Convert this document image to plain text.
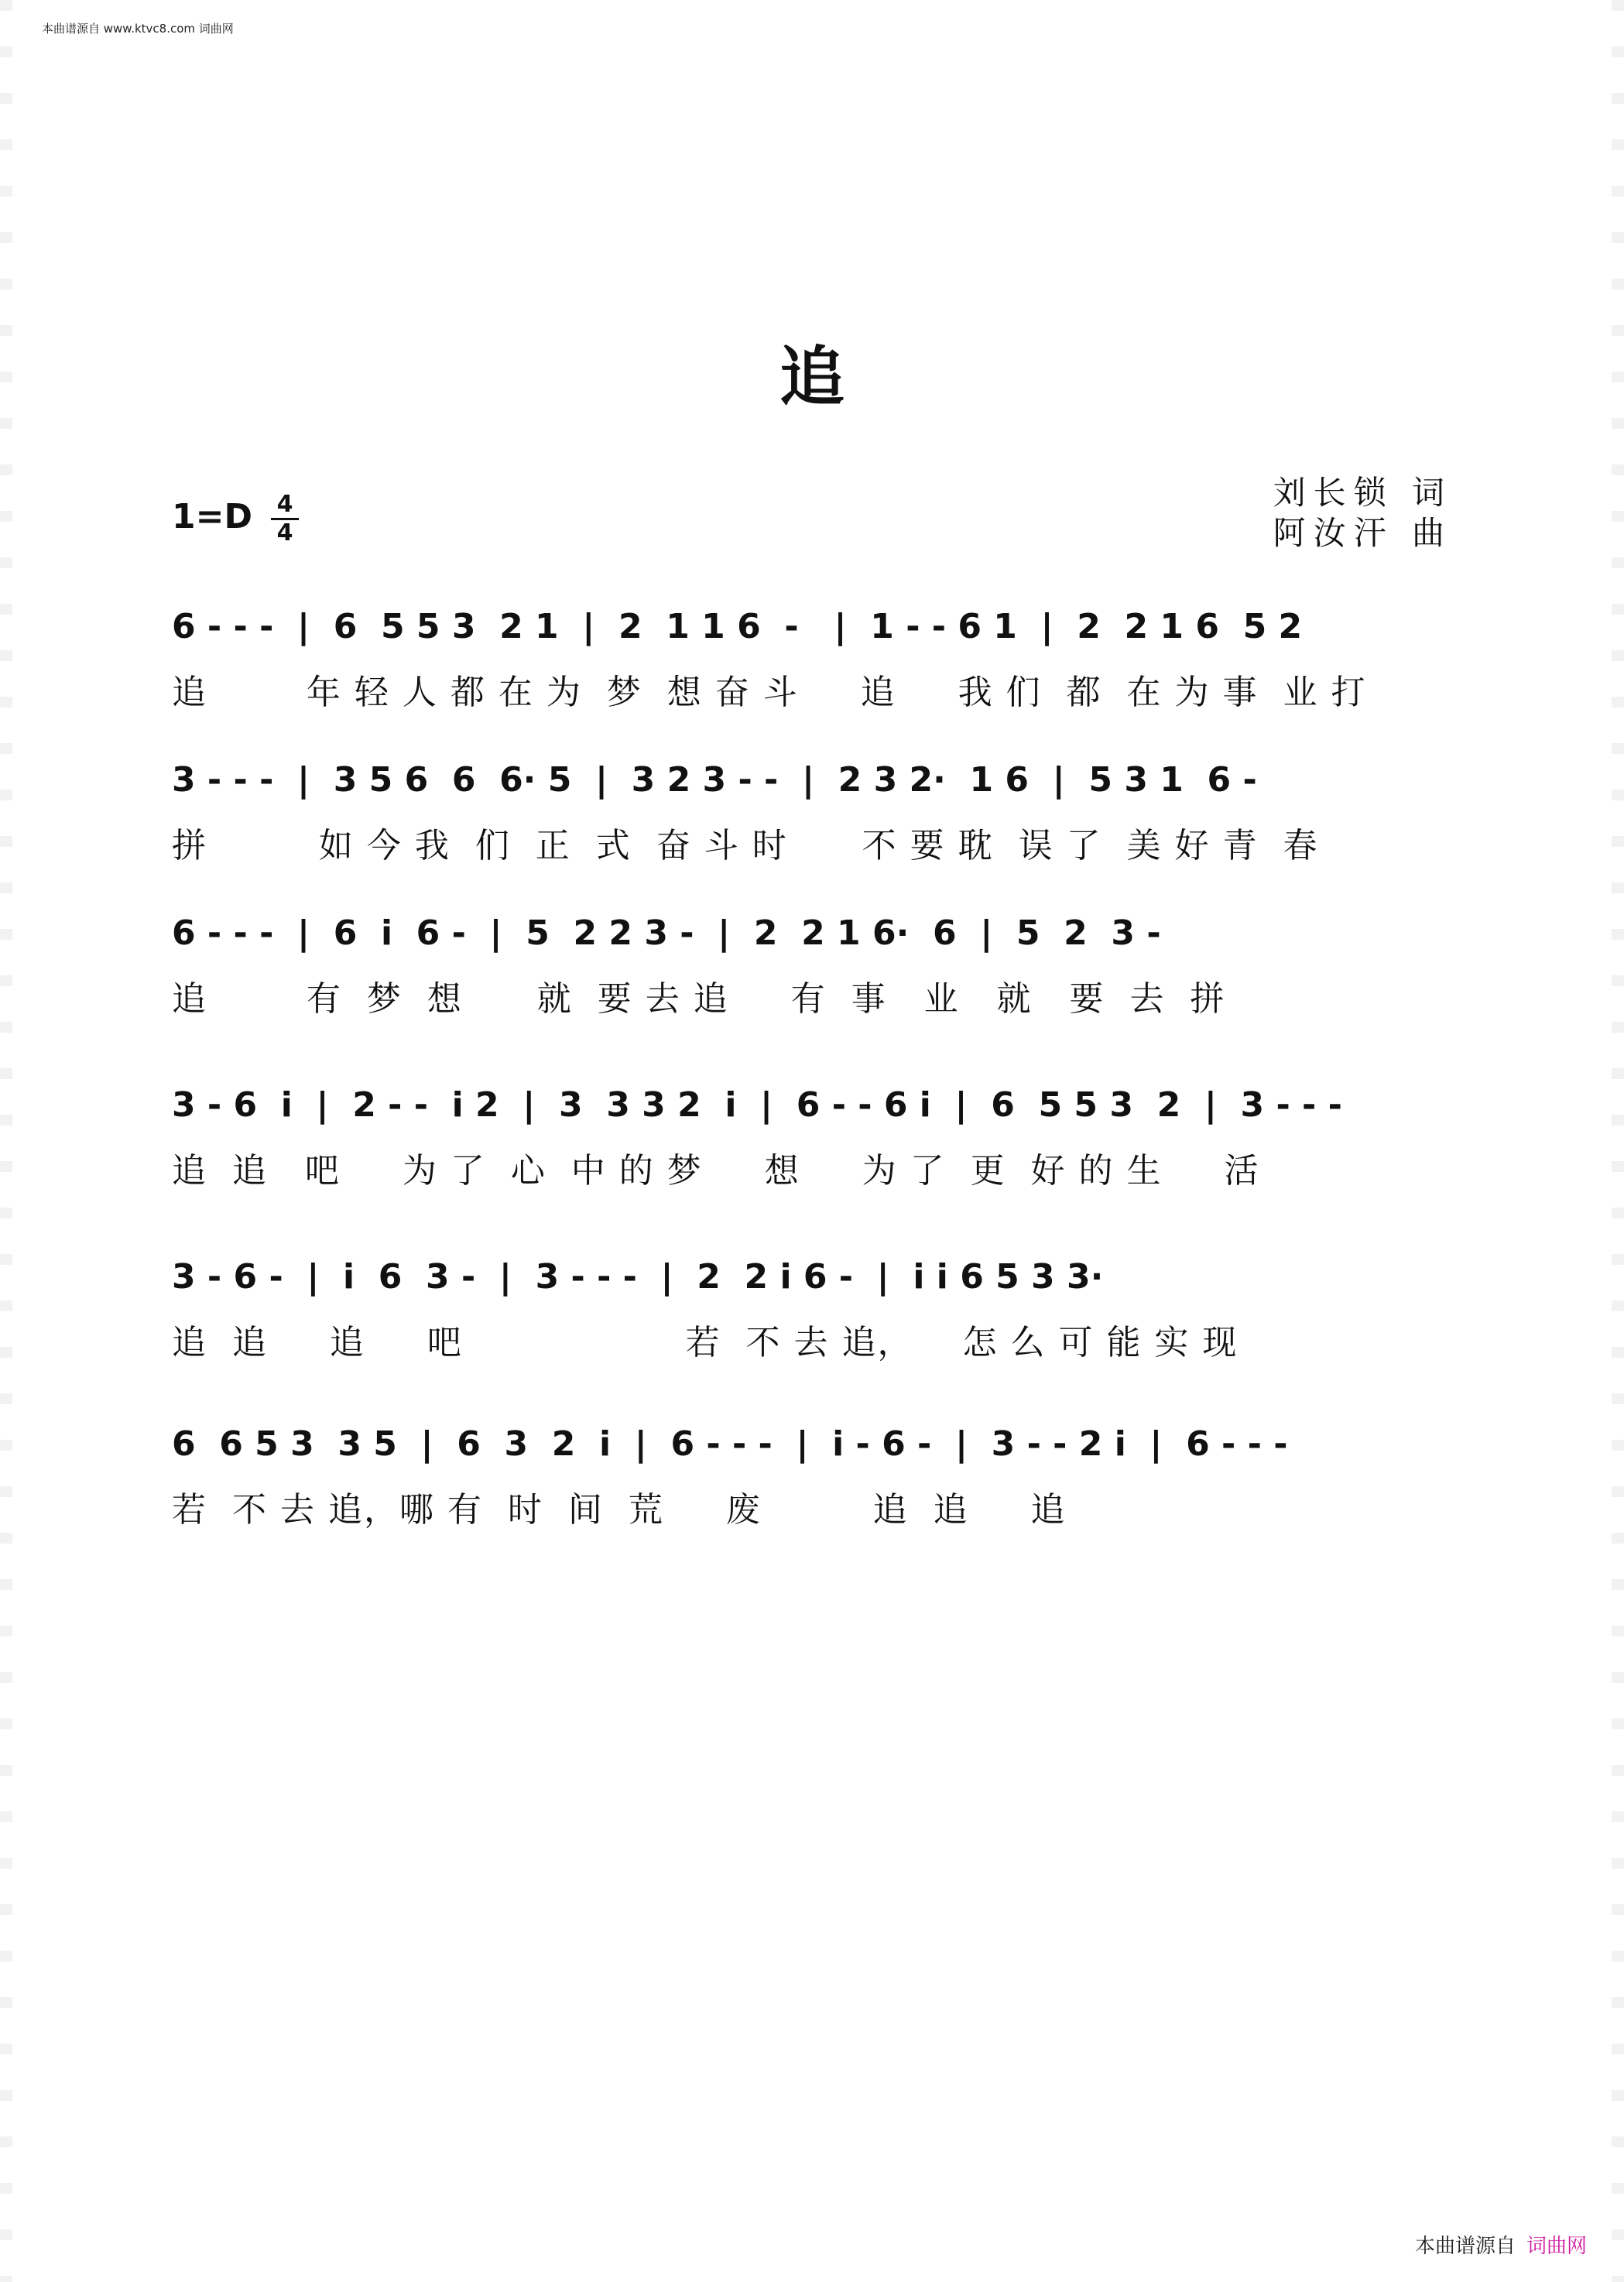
本曲谱源自 www.ktvc8.com 词曲网
追
刘长锁 词
阿汝汗 曲
1=D 4
4
6 - - -  |  6  5 5 3  2 1  |  2  1 1 6  -   |  1 - - 6 1  |  2  2 1 6  5 2
追        年 轻 人 都 在 为  梦  想 奋 斗     追     我 们  都  在 为 事  业 打
3 - - -  |  3 5 6  6  6· 5  |  3 2 3 - -  |  2 3 2·  1 6  |  5 3 1  6 -
拼         如 今 我  们  正  式  奋 斗 时      不 要 耽  误 了  美 好 青  春
6 - - -  |  6  i  6 -  |  5  2 2 3 -  |  2  2 1 6·  6  |  5  2  3 -
追        有  梦  想      就  要 去 追     有  事   业   就   要  去  拼
3 - 6  i  |  2 - -  i 2  |  3  3 3 2  i  |  6 - - 6 i  |  6  5 5 3  2  |  3 - - -
追  追   吧     为 了  心  中 的 梦     想     为 了  更  好 的 生     活
3 - 6 -  |  i  6  3 -  |  3 - - -  |  2  2 i 6 -  |  i i 6 5 3 3·
追  追     追     吧                  若  不 去 追，    怎 么 可 能 实 现
6  6 5 3  3 5  |  6  3  2  i  |  6 - - -  |  i - 6 -  |  3 - - 2 i  |  6 - - -
若  不 去 追，哪 有  时  间  荒     废         追  追     追
本曲谱源自 词曲网
